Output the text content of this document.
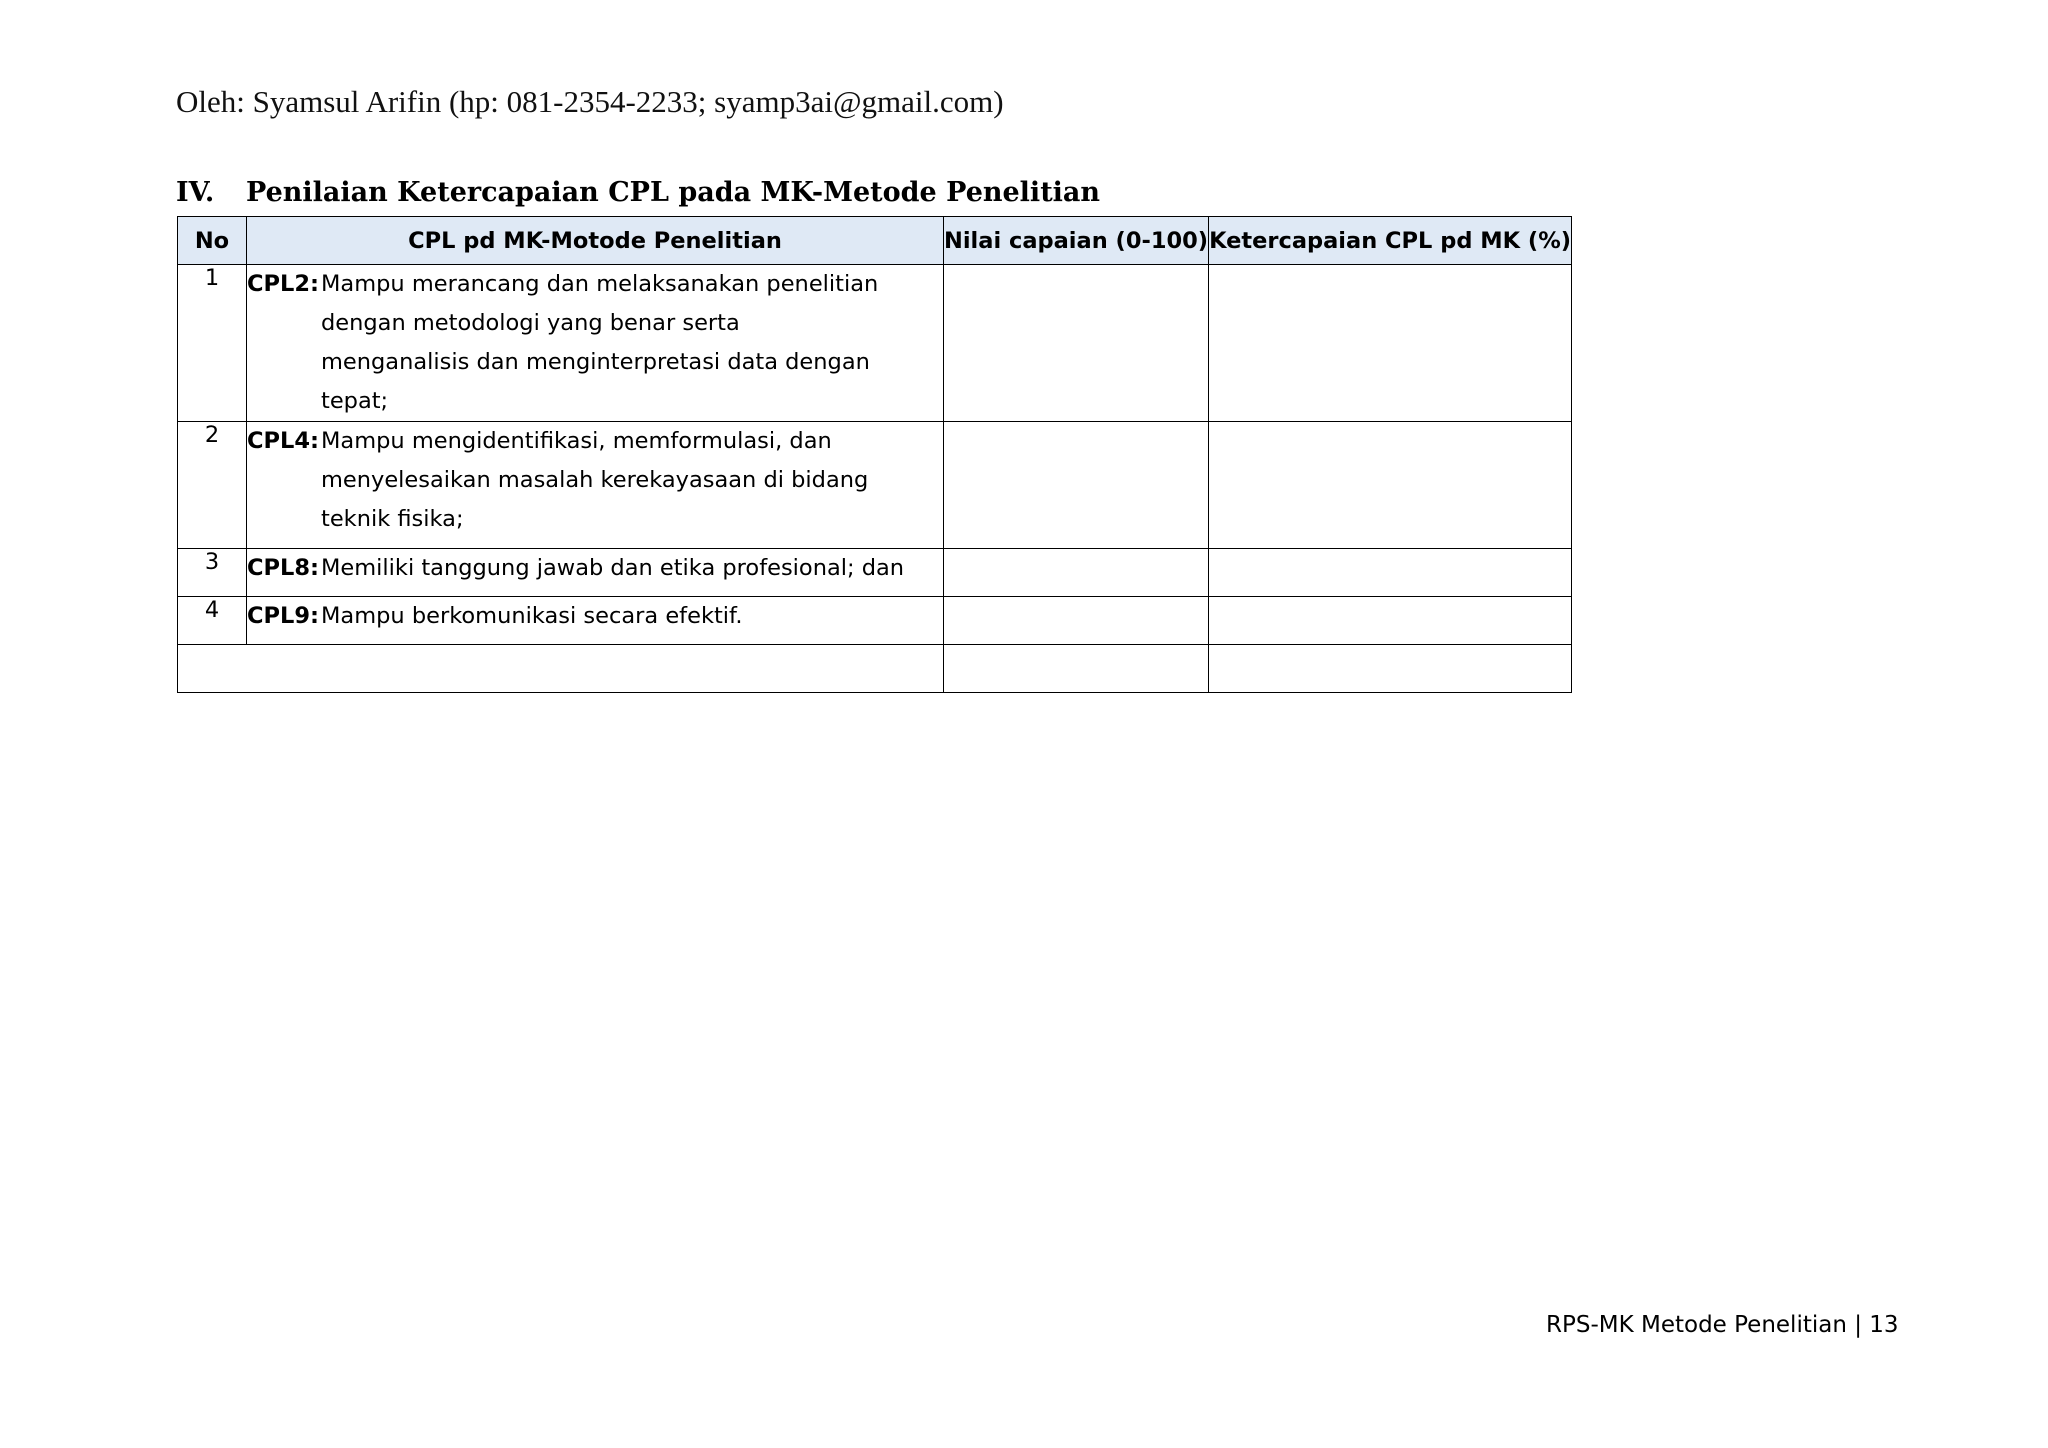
Oleh: Syamsul Arifin (hp: 081-2354-2233; syamp3ai@gmail.com)
IV.	Penilaian Ketercapaian CPL pada MK-Metode Penelitian
No	CPL pd MK-Motode Penelitian	Nilai capaian (0-100)	Ketercapaian CPL pd MK (%)
1	CPL2: Mampu merancang dan melaksanakan penelitian dengan metodologi yang benar serta menganalisis dan menginterpretasi data dengan tepat;		

2	CPL4: Mampu mengidentifikasi, memformulasi, dan menyelesaikan masalah kerekayasaan di bidang teknik fisika;		

3	CPL8: Memiliki tanggung jawab dan etika profesional; dan		

4	CPL9: Mampu berkomunikasi secara efektif.		

RPS-MK Metode Penelitian | 13
